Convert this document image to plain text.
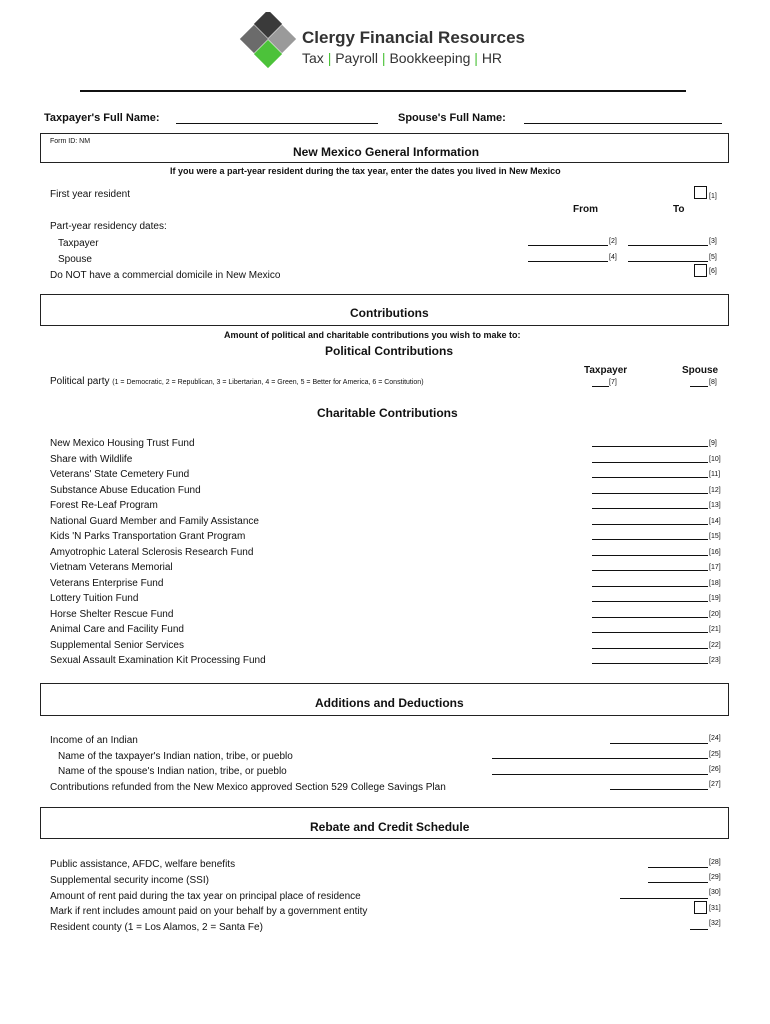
Clergy Financial Resources
Tax | Payroll | Bookkeeping | HR
Taxpayer's Full Name:	Spouse's Full Name:
Form ID: NM
New Mexico General Information
If you were a part-year resident during the tax year, enter the dates you lived in New Mexico
First year resident	[1]
From	To
Part-year residency dates:
Taxpayer	[2]	[3]
Spouse	[4]	[5]
Do NOT have a commercial domicile in New Mexico	[6]
Contributions
Amount of political and charitable contributions you wish to make to:
Political Contributions
Taxpayer	Spouse
Political party (1 = Democratic, 2 = Republican, 3 = Libertarian, 4 = Green, 5 = Better for America, 6 = Constitution)	[7]	[8]
Charitable Contributions
New Mexico Housing Trust Fund	[9]
Share with Wildlife	[10]
Veterans' State Cemetery Fund	[11]
Substance Abuse Education Fund	[12]
Forest Re-Leaf Program	[13]
National Guard Member and Family Assistance	[14]
Kids 'N Parks Transportation Grant Program	[15]
Amyotrophic Lateral Sclerosis Research Fund	[16]
Vietnam Veterans Memorial	[17]
Veterans Enterprise Fund	[18]
Lottery Tuition Fund	[19]
Horse Shelter Rescue Fund	[20]
Animal Care and Facility Fund	[21]
Supplemental Senior Services	[22]
Sexual Assault Examination Kit Processing Fund	[23]
Additions and Deductions
Income of an Indian	[24]
Name of the taxpayer's Indian nation, tribe, or pueblo	[25]
Name of the spouse's Indian nation, tribe, or pueblo	[26]
Contributions refunded from the New Mexico approved Section 529 College Savings Plan	[27]
Rebate and Credit Schedule
Public assistance, AFDC, welfare benefits	[28]
Supplemental security income (SSI)	[29]
Amount of rent paid during the tax year on principal place of residence	[30]
Mark if rent includes amount paid on your behalf by a government entity	[31]
Resident county (1 = Los Alamos, 2 = Santa Fe)	[32]
